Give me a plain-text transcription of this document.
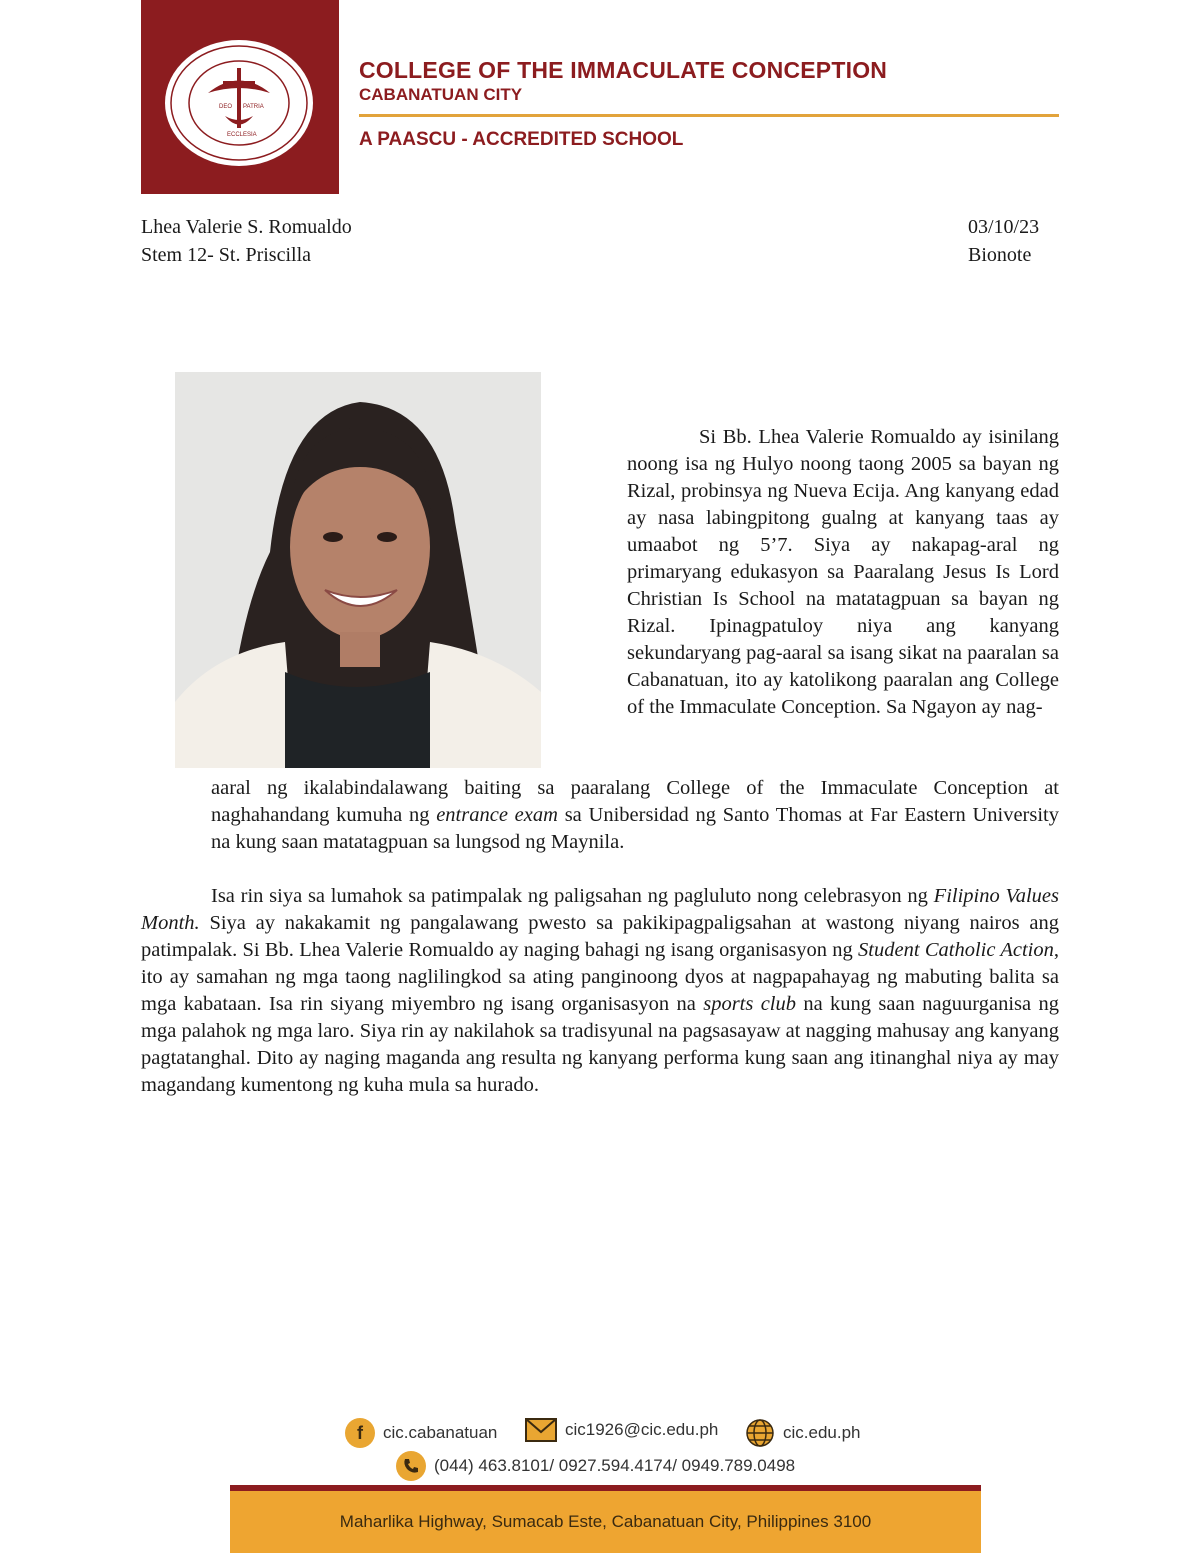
DEO PATRIA
ECCLESIA
COLLEGE OF THE IMMACULATE CONCEPTION
CABANATUAN CITY
A PAASCU - ACCREDITED SCHOOL
Lhea Valerie S. Romualdo
Stem 12- St. Priscilla
03/10/23
Bionote

Si Bb. Lhea Valerie Romualdo ay isinilang noong isa ng Hulyo noong taong 2005 sa bayan ng Rizal, probinsya ng Nueva Ecija. Ang kanyang edad ay nasa labingpitong gualng at kanyang taas ay umaabot ng 5’7. Siya ay nakapag-aral ng primaryang edukasyon sa Paaralang Jesus Is Lord Christian Is School na matatagpuan sa bayan ng Rizal. Ipinagpatuloy niya ang kanyang sekundaryang pag-aaral sa isang sikat na paaralan sa Cabanatuan, ito ay katolikong paaralan ang College of the Immaculate Conception. Sa Ngayon ay nag-

aaral ng ikalabindalawang baiting sa paaralang College of the Immaculate Conception at naghahandang kumuha ng entrance exam sa Unibersidad ng Santo Thomas at Far Eastern University na kung saan matatagpuan sa lungsod ng Maynila.

Isa rin siya sa lumahok sa patimpalak ng paligsahan ng pagluluto nong celebrasyon ng Filipino Values Month. Siya ay nakakamit ng pangalawang pwesto sa pakikipagpaligsahan at wastong niyang nairos ang patimpalak. Si Bb. Lhea Valerie Romualdo ay naging bahagi ng isang organisasyon ng Student Catholic Action, ito ay samahan ng mga taong naglilingkod sa ating panginoong dyos at nagpapahayag ng mabuting balita sa mga kabataan. Isa rin siyang miyembro ng isang organisasyon na sports club na kung saan naguurganisa ng mga palahok ng mga laro. Siya rin ay nakilahok sa tradisyunal na pagsasayaw at nagging mahusay ang kanyang pagtatanghal. Dito ay naging maganda ang resulta ng kanyang performa kung saan ang itinanghal niya ay may magandang kumentong ng kuha mula sa hurado.

f	cic.cabanatuan	cic1926@cic.edu.ph	cic.edu.ph
(044) 463.8101/ 0927.594.4174/ 0949.789.0498
Maharlika Highway, Sumacab Este, Cabanatuan City, Philippines 3100
